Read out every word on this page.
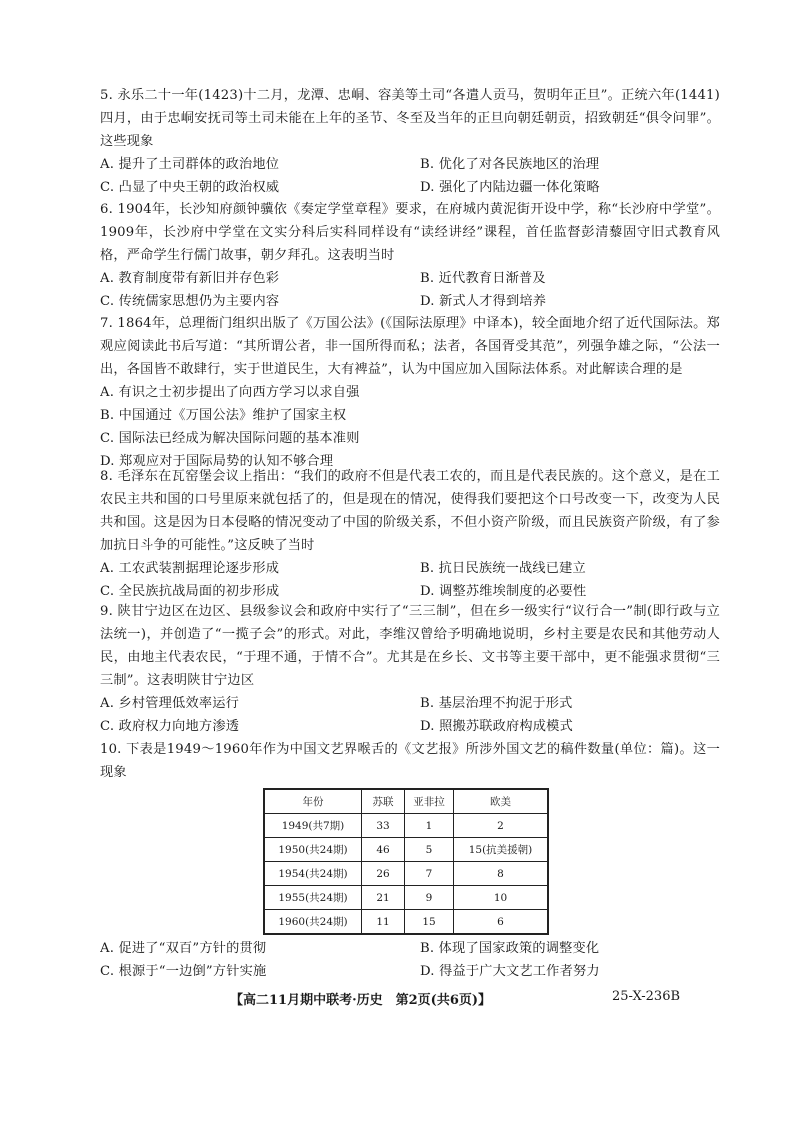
5. 永乐二十一年(1423)十二月，龙潭、忠峒、容美等土司“各遣人贡马，贺明年正旦”。正统六年(1441)四月，由于忠峒安抚司等土司未能在上年的圣节、冬至及当年的正旦向朝廷朝贡，招致朝廷“俱令问罪”。这些现象
A. 提升了土司群体的政治地位	B. 优化了对各民族地区的治理
C. 凸显了中央王朝的政治权威	D. 强化了内陆边疆一体化策略
6. 1904年，长沙知府颜钟骥依《奏定学堂章程》要求，在府城内黄泥街开设中学，称“长沙府中学堂”。1909年，长沙府中学堂在文实分科后实科同样设有“读经讲经”课程，首任监督彭清藜固守旧式教育风格，严命学生行儒门故事，朝夕拜孔。这表明当时
A. 教育制度带有新旧并存色彩	B. 近代教育日渐普及
C. 传统儒家思想仍为主要内容	D. 新式人才得到培养
7. 1864年，总理衙门组织出版了《万国公法》(《国际法原理》中译本)，较全面地介绍了近代国际法。郑观应阅读此书后写道：“其所谓公者，非一国所得而私；法者，各国胥受其范”，列强争雄之际，“公法一出，各国皆不敢肆行，实于世道民生，大有裨益”，认为中国应加入国际法体系。对此解读合理的是
A. 有识之士初步提出了向西方学习以求自强
B. 中国通过《万国公法》维护了国家主权
C. 国际法已经成为解决国际问题的基本准则
D. 郑观应对于国际局势的认知不够合理
8. 毛泽东在瓦窑堡会议上指出：“我们的政府不但是代表工农的，而且是代表民族的。这个意义，是在工农民主共和国的口号里原来就包括了的，但是现在的情况，使得我们要把这个口号改变一下，改变为人民共和国。这是因为日本侵略的情况变动了中国的阶级关系，不但小资产阶级，而且民族资产阶级，有了参加抗日斗争的可能性。”这反映了当时
A. 工农武装割据理论逐步形成	B. 抗日民族统一战线已建立
C. 全民族抗战局面的初步形成	D. 调整苏维埃制度的必要性
9. 陕甘宁边区在边区、县级参议会和政府中实行了“三三制”，但在乡一级实行“议行合一”制(即行政与立法统一)，并创造了“一揽子会”的形式。对此，李维汉曾给予明确地说明，乡村主要是农民和其他劳动人民，由地主代表农民，“于理不通，于情不合”。尤其是在乡长、文书等主要干部中，更不能强求贯彻“三三制”。这表明陕甘宁边区
A. 乡村管理低效率运行	B. 基层治理不拘泥于形式
C. 政府权力向地方渗透	D. 照搬苏联政府构成模式
10. 下表是1949～1960年作为中国文艺界喉舌的《文艺报》所涉外国文艺的稿件数量(单位：篇)。这一现象
年份	苏联	亚非拉	欧美
1949(共7期)	33	1	2
1950(共24期)	46	5	15(抗美援朝)
1954(共24期)	26	7	8
1955(共24期)	21	9	10
1960(共24期)	11	15	6
A. 促进了“双百”方针的贯彻	B. 体现了国家政策的调整变化
C. 根源于“一边倒”方针实施	D. 得益于广大文艺工作者努力
【高二11月期中联考·历史　第2页(共6页)】	25-X-236B
